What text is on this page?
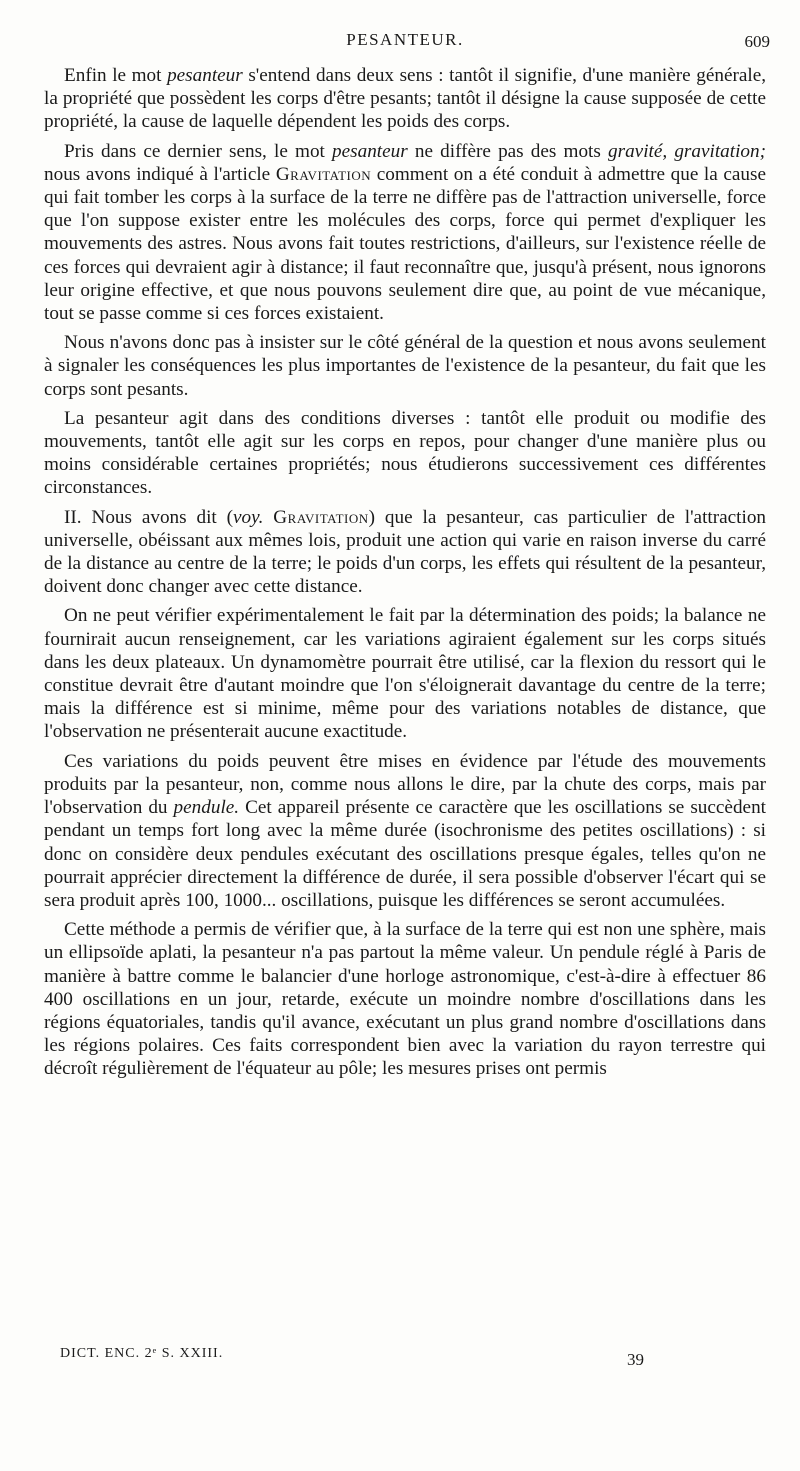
PESANTEUR.	609

Enfin le mot pesanteur s'entend dans deux sens : tantôt il signifie, d'une manière générale, la propriété que possèdent les corps d'être pesants; tantôt il désigne la cause supposée de cette propriété, la cause de laquelle dépendent les poids des corps.

Pris dans ce dernier sens, le mot pesanteur ne diffère pas des mots gravité, gravitation; nous avons indiqué à l'article Gravitation comment on a été conduit à admettre que la cause qui fait tomber les corps à la surface de la terre ne diffère pas de l'attraction universelle, force que l'on suppose exister entre les molécules des corps, force qui permet d'expliquer les mouvements des astres. Nous avons fait toutes restrictions, d'ailleurs, sur l'existence réelle de ces forces qui devraient agir à distance; il faut reconnaître que, jusqu'à présent, nous ignorons leur origine effective, et que nous pouvons seulement dire que, au point de vue mécanique, tout se passe comme si ces forces existaient.

Nous n'avons donc pas à insister sur le côté général de la question et nous avons seulement à signaler les conséquences les plus importantes de l'existence de la pesanteur, du fait que les corps sont pesants.

La pesanteur agit dans des conditions diverses : tantôt elle produit ou modifie des mouvements, tantôt elle agit sur les corps en repos, pour changer d'une manière plus ou moins considérable certaines propriétés; nous étudierons successivement ces différentes circonstances.

II. Nous avons dit (voy. Gravitation) que la pesanteur, cas particulier de l'attraction universelle, obéissant aux mêmes lois, produit une action qui varie en raison inverse du carré de la distance au centre de la terre; le poids d'un corps, les effets qui résultent de la pesanteur, doivent donc changer avec cette distance.

On ne peut vérifier expérimentalement le fait par la détermination des poids; la balance ne fournirait aucun renseignement, car les variations agiraient également sur les corps situés dans les deux plateaux. Un dynamomètre pourrait être utilisé, car la flexion du ressort qui le constitue devrait être d'autant moindre que l'on s'éloignerait davantage du centre de la terre; mais la différence est si minime, même pour des variations notables de distance, que l'observation ne présenterait aucune exactitude.

Ces variations du poids peuvent être mises en évidence par l'étude des mouvements produits par la pesanteur, non, comme nous allons le dire, par la chute des corps, mais par l'observation du pendule. Cet appareil présente ce caractère que les oscillations se succèdent pendant un temps fort long avec la même durée (isochronisme des petites oscillations) : si donc on considère deux pendules exécutant des oscillations presque égales, telles qu'on ne pourrait apprécier directement la différence de durée, il sera possible d'observer l'écart qui se sera produit après 100, 1000... oscillations, puisque les différences se seront accumulées.

Cette méthode a permis de vérifier que, à la surface de la terre qui est non une sphère, mais un ellipsoïde aplati, la pesanteur n'a pas partout la même valeur. Un pendule réglé à Paris de manière à battre comme le balancier d'une horloge astronomique, c'est-à-dire à effectuer 86 400 oscillations en un jour, retarde, exécute un moindre nombre d'oscillations dans les régions équatoriales, tandis qu'il avance, exécutant un plus grand nombre d'oscillations dans les régions polaires. Ces faits correspondent bien avec la variation du rayon terrestre qui décroît régulièrement de l'équateur au pôle; les mesures prises ont permis

DICT. ENC. 2ᵉ S. XXIII.	39
